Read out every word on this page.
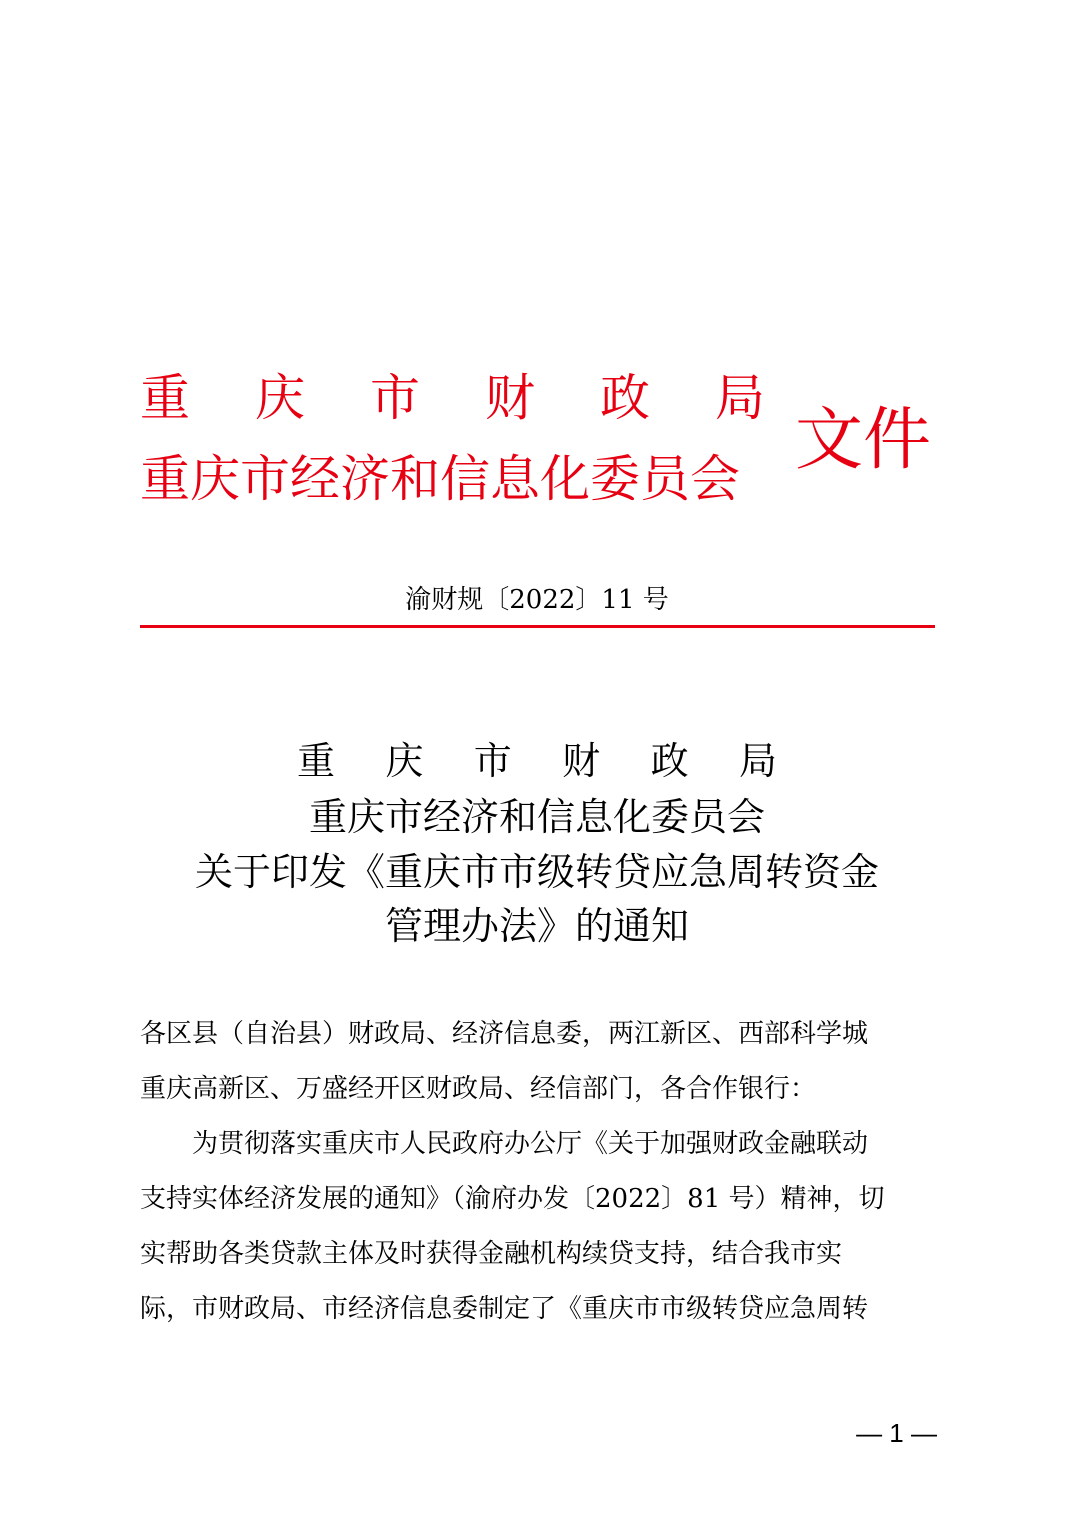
重 庆 市 财 政 局
重庆市经济和信息化委员会 文件
渝财规〔2022〕11 号
重 庆 市 财 政 局
重庆市经济和信息化委员会
关于印发《重庆市市级转贷应急周转资金
管理办法》的通知
各区县（自治县）财政局、经济信息委，两江新区、西部科学城
重庆高新区、万盛经开区财政局、经信部门，各合作银行：
为贯彻落实重庆市人民政府办公厅《关于加强财政金融联动
支持实体经济发展的通知》（渝府办发〔2022〕81 号）精神，切
实帮助各类贷款主体及时获得金融机构续贷支持，结合我市实
际，市财政局、市经济信息委制定了《重庆市市级转贷应急周转
— 1 —
